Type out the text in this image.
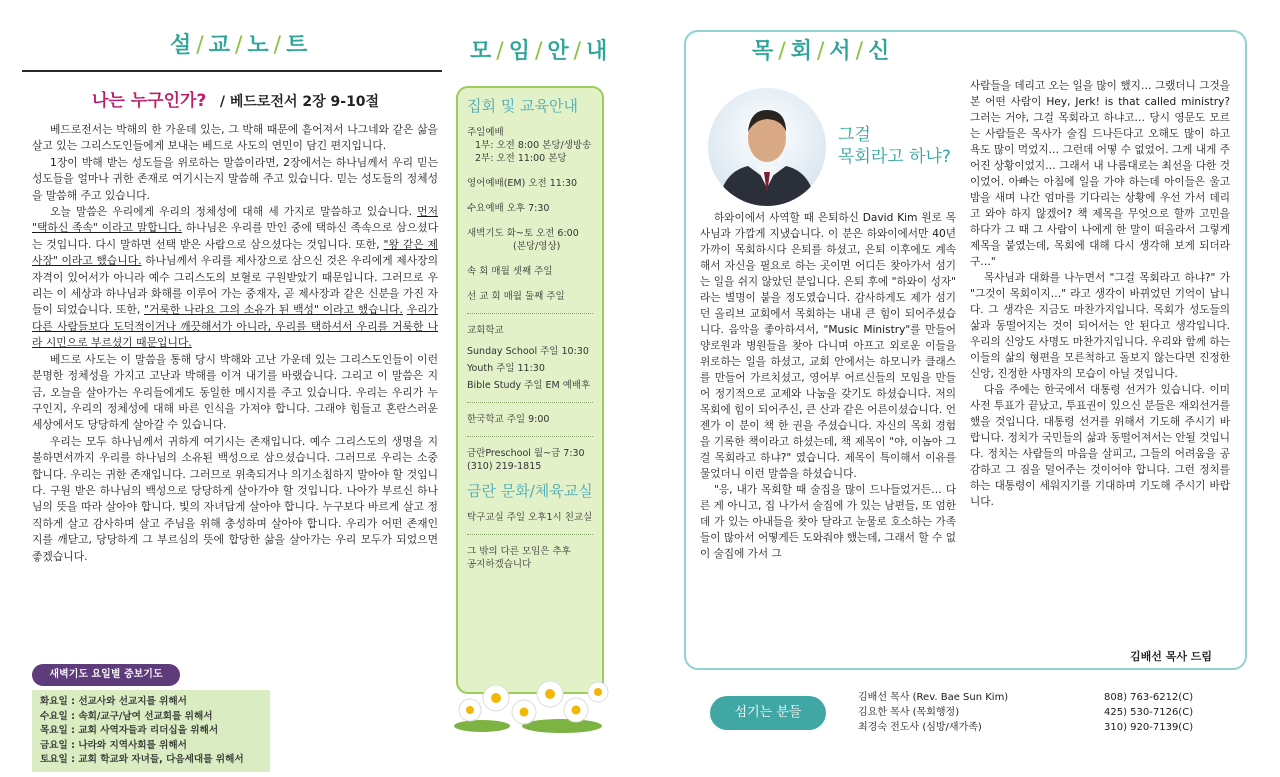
설 / 교 / 노 / 트
나는 누구인가? / 베드로전서 2장 9-10절

베드로전서는 박해의 한 가운데 있는, 그 박해 때문에 흩어져서 나그네와 같은 삶을 살고 있는 그리스도인들에게 보내는 베드로 사도의 연민이 담긴 편지입니다.

1장이 박해 받는 성도들을 위로하는 말씀이라면, 2장에서는 하나님께서 우리 믿는 성도들을 얼마나 귀한 존재로 여기시는지 말씀해 주고 있습니다. 믿는 성도들의 정체성을 말씀해 주고 있습니다.

오늘 말씀은 우리에게 우리의 정체성에 대해 세 가지로 말씀하고 있습니다. 먼저 "택하신 족속" 이라고 말합니다. 하나님은 우리를 만인 중에 택하신 족속으로 삼으셨다는 것입니다. 다시 말하면 선택 받은 사람으로 삼으셨다는 것입니다. 또한, "왕 같은 제사장" 이라고 했습니다. 하나님께서 우리를 제사장으로 삼으신 것은 우리에게 제사장의 자격이 있어서가 아니라 예수 그리스도의 보혈로 구원받았기 때문입니다. 그러므로 우리는 이 세상과 하나님과 화해를 이루어 가는 중재자, 곧 제사장과 같은 신분을 가진 자들이 되었습니다. 또한, "거룩한 나라요 그의 소유가 된 백성" 이라고 했습니다. 우리가 다른 사람들보다 도덕적이거나 깨끗해서가 아니라, 우리를 택하셔서 우리를 거룩한 나라 시민으로 부르셨기 때문입니다.

베드로 사도는 이 말씀을 통해 당시 박해와 고난 가운데 있는 그리스도인들이 이런 분명한 정체성을 가지고 고난과 박해를 이겨 내기를 바랬습니다. 그리고 이 말씀은 지금, 오늘을 살아가는 우리들에게도 동일한 메시지를 주고 있습니다. 우리는 우리가 누구인지, 우리의 정체성에 대해 바른 인식을 가져야 합니다. 그래야 힘들고 혼란스러운 세상에서도 당당하게 살아갈 수 있습니다.

우리는 모두 하나님께서 귀하게 여기시는 존재입니다. 예수 그리스도의 생명을 지불하면서까지 우리를 하나님의 소유된 백성으로 삼으셨습니다. 그러므로 우리는 소중합니다. 우리는 귀한 존재입니다. 그러므로 위축되거나 의기소침하지 말아야 할 것입니다. 구원 받은 하나님의 백성으로 당당하게 살아가야 할 것입니다. 나아가 부르신 하나님의 뜻을 따라 살아야 합니다. 빛의 자녀답게 살아야 합니다. 누구보다 바르게 살고 정직하게 살고 감사하며 살고 주님을 위해 충성하며 살아야 합니다. 우리가 어떤 존재인지를 깨닫고, 당당하게 그 부르심의 뜻에 합당한 삶을 살아가는 우리 모두가 되었으면 좋겠습니다.

새벽기도 요일별 중보기도
화요일 : 선교사와 선교지를 위해서
수요일 : 속회/교구/남여 선교회를 위해서
목요일 : 교회 사역자들과 리더십을 위해서
금요일 : 나라와 지역사회를 위해서
토요일 : 교회 학교와 자녀들, 다음세대를 위해서
모 / 임 / 안 / 내
집회 및 교육안내
주일예배
1부: 오전 8:00 본당/생방송
2부: 오전 11:00 본당
영어예배(EM) 오전 11:30
수요예배 오후 7:30
새벽기도 화~토 오전 6:00
(본당/영상)
속 회 매월 셋째 주일
선 교 회 매월 둘째 주일
교회학교
Sunday School 주일 10:30
Youth 주일 11:30
Bible Study 주일 EM 예배후
한국학교 주일 9:00
금란Preschool 월~금 7:30
(310) 219-1815
금란 문화/체육교실
탁구교실 주일 오후1시 친교실
그 밖의 다른 모임은 추후
공지하겠습니다
목 / 회 / 서 / 신
그걸
목회라고 하냐?

하와이에서 사역할 때 은퇴하신 David Kim 원로 목사님과 가깝게 지냈습니다. 이 분은 하와이에서만 40년 가까이 목회하시다 은퇴를 하셨고, 은퇴 이후에도 계속해서 자신을 필요로 하는 곳이면 어디든 찾아가서 섬기는 일을 쉬지 않았던 분입니다. 은퇴 후에 "하와이 성자" 라는 별명이 붙을 정도였습니다. 감사하게도 제가 섬기던 올리브 교회에서 목회하는 내내 큰 힘이 되어주셨습니다. 음악을 좋아하셔서, "Music Ministry"를 만들어 양로원과 병원들을 찾아 다니며 아프고 외로운 이들을 위로하는 일을 하셨고, 교회 안에서는 하모니카 클래스를 만들어 가르치셨고, 영어부 어르신들의 모임을 만들어 정기적으로 교제와 나눔을 갖기도 하셨습니다. 저의 목회에 힘이 되어주신, 큰 산과 같은 어른이셨습니다. 언젠가 이 분이 책 한 권을 주셨습니다. 자신의 목회 경험을 기록한 책이라고 하셨는데, 책 제목이 "야, 이놈아 그걸 목회라고 하냐?" 였습니다. 제목이 특이해서 이유를 물었더니 이런 말씀을 하셨습니다.

"응, 내가 목회할 때 술집을 많이 드나들었거든… 다른 게 아니고, 집 나가서 술집에 가 있는 남편들, 또 엄한데 가 있는 아내들을 찾아 달라고 눈물로 호소하는 가족들이 많아서 어떻게든 도와줘야 했는데, 그래서 할 수 없이 술집에 가서 그

사람들을 데리고 오는 일을 많이 했지… 그랬더니 그것을 본 어떤 사람이 Hey, Jerk! is that called ministry? 그러는 거야, 그걸 목회라고 하냐고… 당시 영문도 모르는 사람들은 목사가 술집 드나든다고 오해도 많이 하고 욕도 많이 먹었지… 그런데 어떻 수 없었어. 그게 내게 주어진 상황이었지… 그래서 내 나름대로는 최선을 다한 것이었어. 아빠는 아침에 일을 가야 하는데 아이들은 울고 밤을 새며 나간 엄마를 기다리는 상황에 우선 가서 데리고 와야 하지 않겠어? 책 제목을 무엇으로 할까 고민을 하다가 그 때 그 사람이 나에게 한 말이 떠올라서 그렇게 제목을 붙였는데, 목회에 대해 다시 생각해 보게 되더라구…"

목사님과 대화를 나누면서 "그걸 목회라고 하냐?" 가 "그것이 목회이지…" 라고 생각이 바뀌었던 기억이 납니다. 그 생각은 지금도 마찬가지입니다. 목회가 성도들의 삶과 동떨어지는 것이 되어서는 안 된다고 생각입니다. 우리의 신앙도 사명도 마찬가지입니다. 우리와 함께 하는 이들의 삶의 형편을 모른척하고 돌보지 않는다면 진정한 신앙, 진정한 사명자의 모습이 아닐 것입니다.

다음 주에는 한국에서 대통령 선거가 있습니다. 이미 사전 투표가 끝났고, 투표권이 있으신 분들은 재외선거를 했을 것입니다. 대통령 선거를 위해서 기도해 주시기 바랍니다. 정치가 국민들의 삶과 동떨어져서는 안될 것입니다. 정치는 사람들의 마음을 살피고, 그들의 어려움을 공감하고 그 짐을 덜어주는 것이어야 합니다. 그런 정치를 하는 대통령이 세워지기를 기대하며 기도해 주시기 바랍니다.

김배선 목사 드림
섬기는 분들
김배선 목사 (Rev. Bae Sun Kim)	808) 763-6212(C)
김요한 목사 (목회행정)	425) 530-7126(C)
최경숙 전도사 (심방/새가족)	310) 920-7139(C)
